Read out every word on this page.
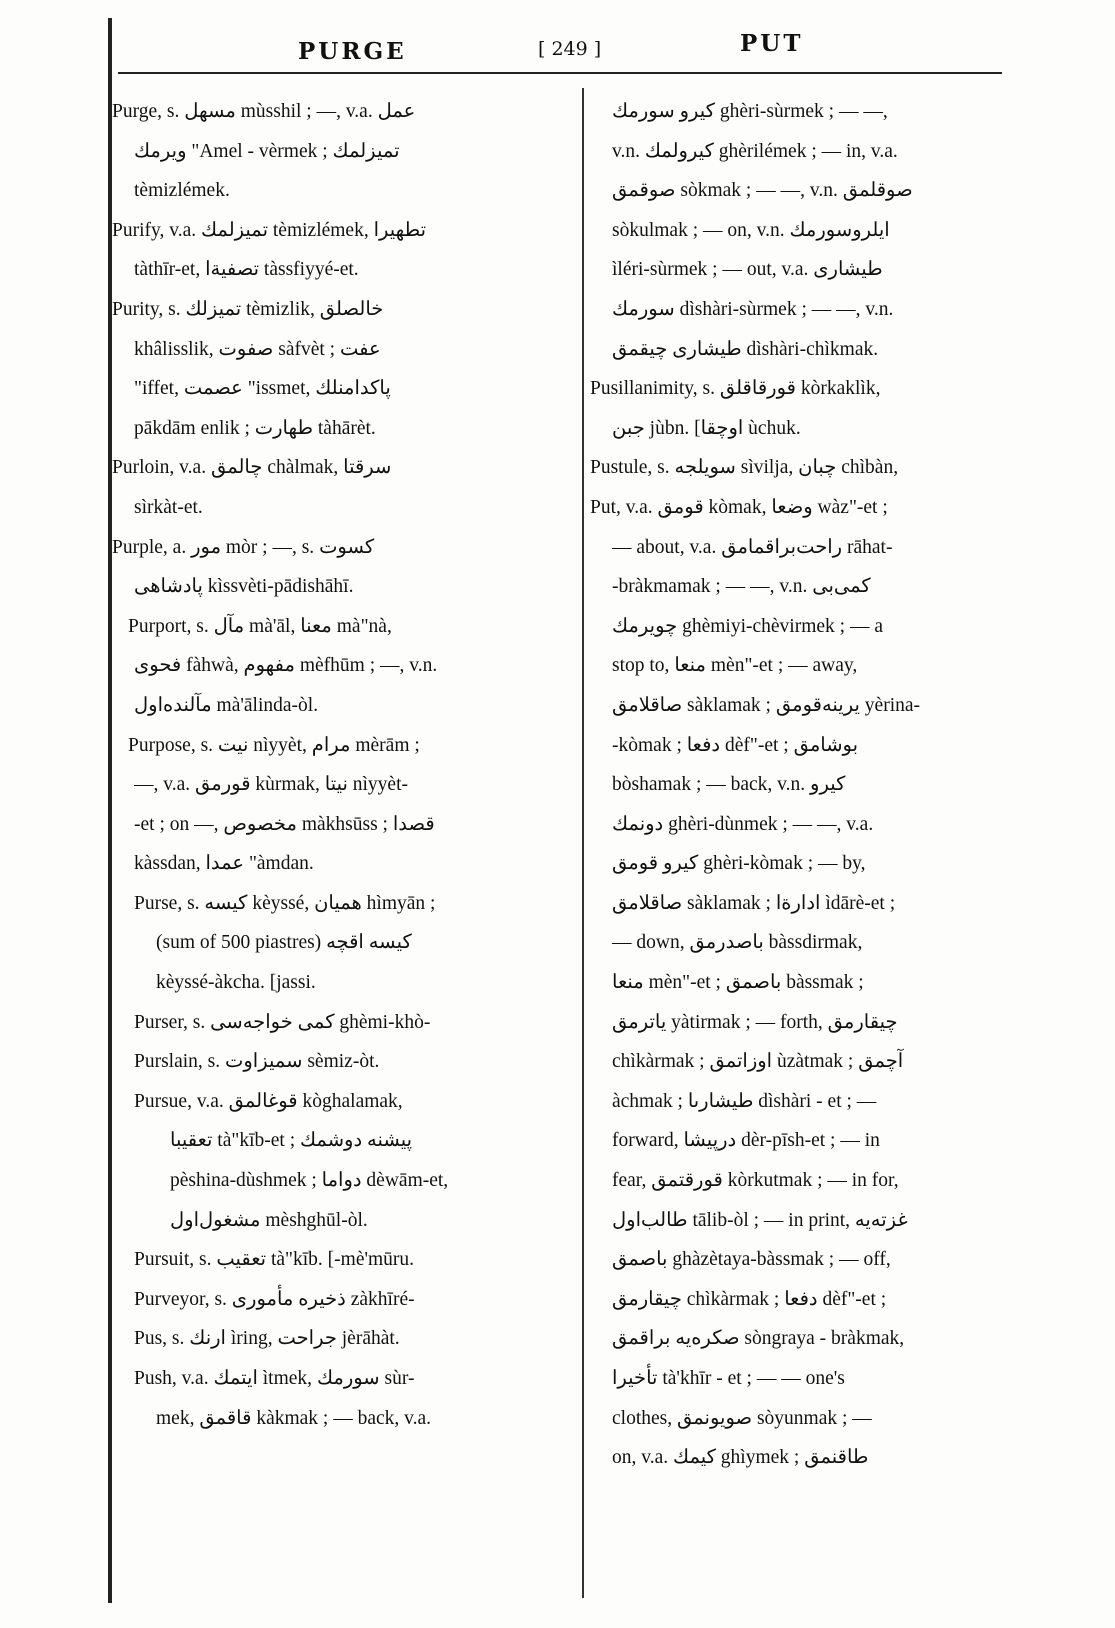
PURGE	[ 249 ]	PUT
Purge, s. مسهل mùsshil ; —, v.a. عمل
ويرمك "Amel - vèrmek ; تميزلمك
tèmizlémek.
Purify, v.a. تميزلمك tèmizlémek, تطهيرا
tàthīr-et, تصفيةا tàssfiyyé-et.
Purity, s. تميزلك tèmizlik, خالصلق
khâlisslik, صفوت sàfvèt ; عفت
"iffet, عصمت "issmet, پاکدامنلك
pākdām enlik ; طهارت tàhārèt.
Purloin, v.a. چالمق chàlmak, سرقتا
sìrkàt-et.
Purple, a. مور mòr ; —, s. كسوت
پادشاهی kìssvèti-pādishāhī.
Purport, s. مآل mà'āl, معنا mà"nà,
فحوى fàhwà, مفهوم mèfhūm ; —, v.n.
مآلنده‌اول mà'ālinda-òl.
Purpose, s. نيت nìyyèt, مرام mèrām ;
—, v.a. قورمق kùrmak, نيتا nìyyèt-
-et ; on —, مخصوص màkhsūss ; قصدا
kàssdan, عمدا "àmdan.
Purse, s. كيسه kèyssé, هميان hìmyān ;
(sum of 500 piastres) كيسه اقچه
kèyssé-àkcha. [jassi.
Purser, s. كمى خواجه‌سى ghèmi-khò-
Purslain, s. سميزاوت sèmiz-òt.
Pursue, v.a. قوغالمق kòghalamak,
تعقيبا tà"kīb-et ; پيشنه دوشمك
pèshina-dùshmek ; دواما dèwām-et,
مشغول‌اول mèshghūl-òl.
Pursuit, s. تعقيب tà"kīb. [-mè'mūru.
Purveyor, s. ذخيره مأمورى zàkhīré-
Pus, s. ارنك ìring, جراحت jèrāhàt.
Push, v.a. ايتمك ìtmek, سورمك sùr-
mek, قاقمق kàkmak ; — back, v.a.
كيرو سورمك ghèri-sùrmek ; — —,
v.n. كيرولمك ghèrilémek ; — in, v.a.
صوقمق sòkmak ; — —, v.n. صوقلمق
sòkulmak ; — on, v.n. ايلروسورمك
ìléri-sùrmek ; — out, v.a. طيشارى
سورمك dìshàri-sùrmek ; — —, v.n.
طيشارى چيقمق dìshàri-chìkmak.
Pusillanimity, s. قورقاقلق kòrkaklìk,
جبن jùbn. [اوچقا ùchuk.
Pustule, s. سويلجه sìvilja, چبان chìbàn,
Put, v.a. قومق kòmak, وضعا wàz"-et ;
— about, v.a. راحت‌براقمامق rāhat-
-bràkmamak ; — —, v.n. كمى‌بى
چويرمك ghèmiyi-chèvirmek ; — a
stop to, منعا mèn"-et ; — away,
صاقلامق sàklamak ; يرينه‌قومق yèrina-
-kòmak ; دفعا dèf"-et ; بوشامق
bòshamak ; — back, v.n. كيرو
دونمك ghèri-dùnmek ; — —, v.a.
كيرو قومق ghèri-kòmak ; — by,
صاقلامق sàklamak ; ادارةا ìdārè-et ;
— down, باصدرمق bàssdirmak,
منعا mèn"-et ; باصمق bàssmak ;
ياترمق yàtirmak ; — forth, چيقارمق
chìkàrmak ; اوزاتمق ùzàtmak ; آچمق
àchmak ; طيشارىا dìshàri - et ; —
forward, درپيشا dèr-pīsh-et ; — in
fear, قورقتمق kòrkutmak ; — in for,
طالب‌اول tālib-òl ; — in print, غزته‌يه
باصمق ghàzètaya-bàssmak ; — off,
چيقارمق chìkàrmak ; دفعا dèf"-et ;
صكره‌يه براقمق sòngraya - bràkmak,
تأخيرا tà'khīr - et ; — — one's
clothes, صويونمق sòyunmak ; —
on, v.a. كيمك ghìymek ; طاقنمق
